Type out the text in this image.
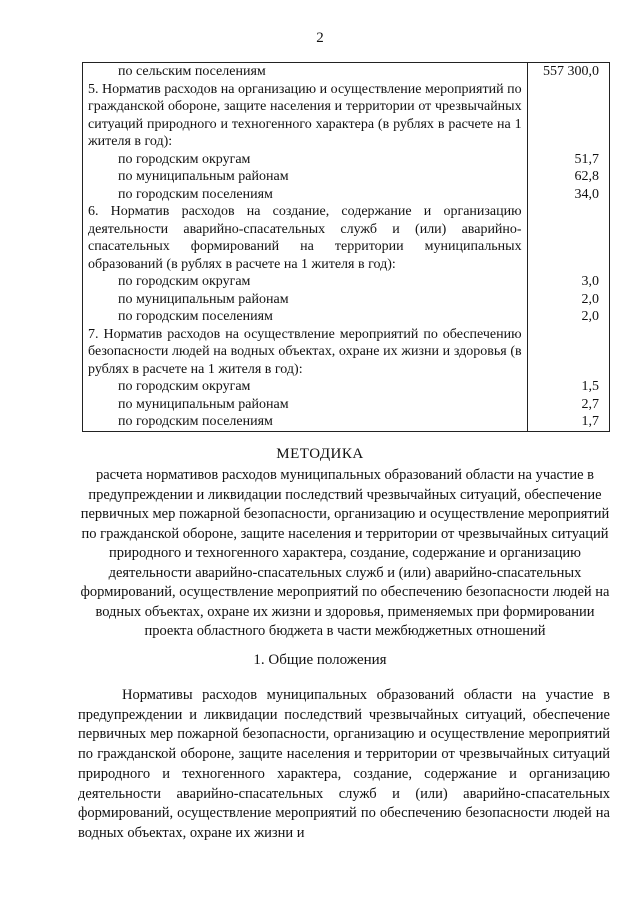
2
по сельским поселениям	557 300,0
5. Норматив расходов на организацию и осуществление мероприятий по гражданской обороне, защите населения и территории от чрезвычайных ситуаций природного и техногенного характера (в рублях в расчете на 1 жителя в год):	
по городским округам	51,7
по муниципальным районам	62,8
по городским поселениям	34,0
6. Норматив расходов на создание, содержание и организацию деятельности аварийно-спасательных служб и (или) аварийно-спасательных формирований на территории муниципальных образований (в рублях в расчете на 1 жителя в год):	
по городским округам	3,0
по муниципальным районам	2,0
по городским поселениям	2,0
7. Норматив расходов на осуществление мероприятий по обеспечению безопасности людей на водных объектах, охране их жизни и здоровья (в рублях в расчете на 1 жителя в год):	
по городским округам	1,5
по муниципальным районам	2,7
по городским поселениям	1,7
МЕТОДИКА
расчета нормативов расходов муниципальных образований области на участие в предупреждении и ликвидации последствий чрезвычайных ситуаций, обеспечение первичных мер пожарной безопасности, организацию и осуществление мероприятий по гражданской обороне, защите населения и территории от чрезвычайных ситуаций природного и техногенного характера, создание, содержание и организацию деятельности аварийно-спасательных служб и (или) аварийно-спасательных формирований, осуществление мероприятий по обеспечению безопасности людей на водных объектах, охране их жизни и здоровья, применяемых при формировании проекта областного бюджета в части межбюджетных отношений
1. Общие положения
Нормативы расходов муниципальных образований области на участие в предупреждении и ликвидации последствий чрезвычайных ситуаций, обеспечение первичных мер пожарной безопасности, организацию и осуществление мероприятий по гражданской обороне, защите населения и территории от чрезвычайных ситуаций природного и техногенного характера, создание, содержание и организацию деятельности аварийно-спасательных служб и (или) аварийно-спасательных формирований, осуществление мероприятий по обеспечению безопасности людей на водных объектах, охране их жизни и
